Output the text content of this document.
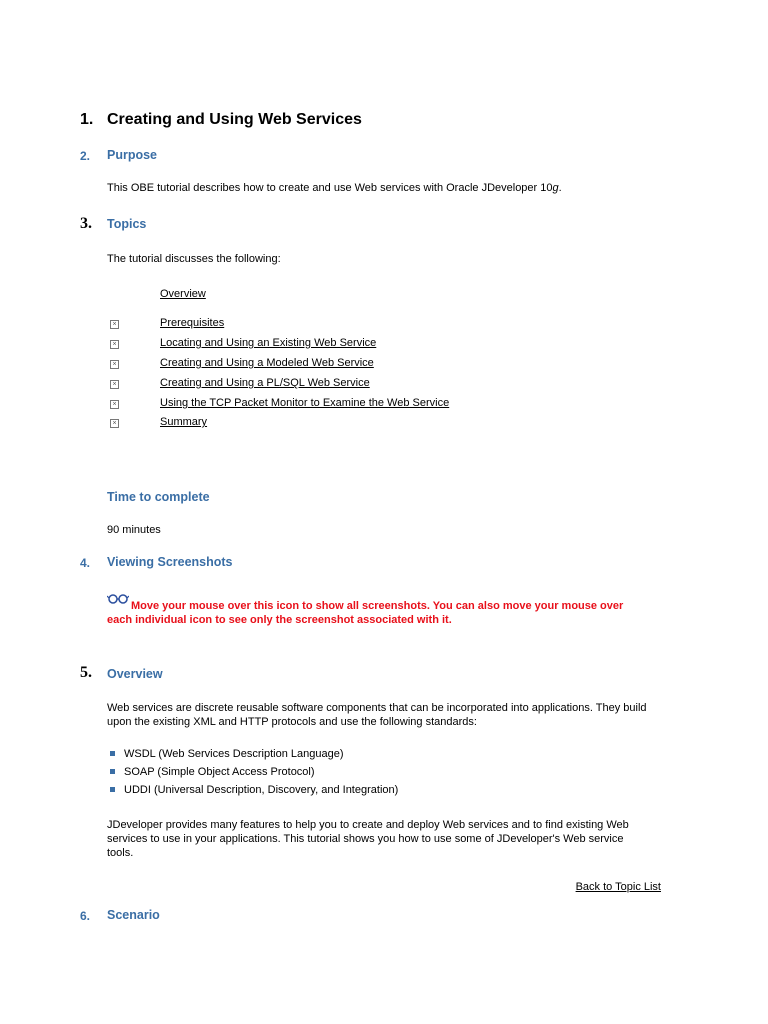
1. Creating and Using Web Services
2. Purpose
This OBE tutorial describes how to create and use Web services with Oracle JDeveloper 10g.
3. Topics
The tutorial discusses the following:
Overview
×	Prerequisites
×	Locating and Using an Existing Web Service
×	Creating and Using a Modeled Web Service
×	Creating and Using a PL/SQL Web Service
×	Using the TCP Packet Monitor to Examine the Web Service
×	Summary
Time to complete
90 minutes
4. Viewing Screenshots
Move your mouse over this icon to show all screenshots. You can also move your mouse over
each individual icon to see only the screenshot associated with it.
5. Overview
Web services are discrete reusable software components that can be incorporated into applications. They build
upon the existing XML and HTTP protocols and use the following standards:
WSDL (Web Services Description Language)
SOAP (Simple Object Access Protocol)
UDDI (Universal Description, Discovery, and Integration)
JDeveloper provides many features to help you to create and deploy Web services and to find existing Web
services to use in your applications. This tutorial shows you how to use some of JDeveloper's Web service
tools.
Back to Topic List
6. Scenario
